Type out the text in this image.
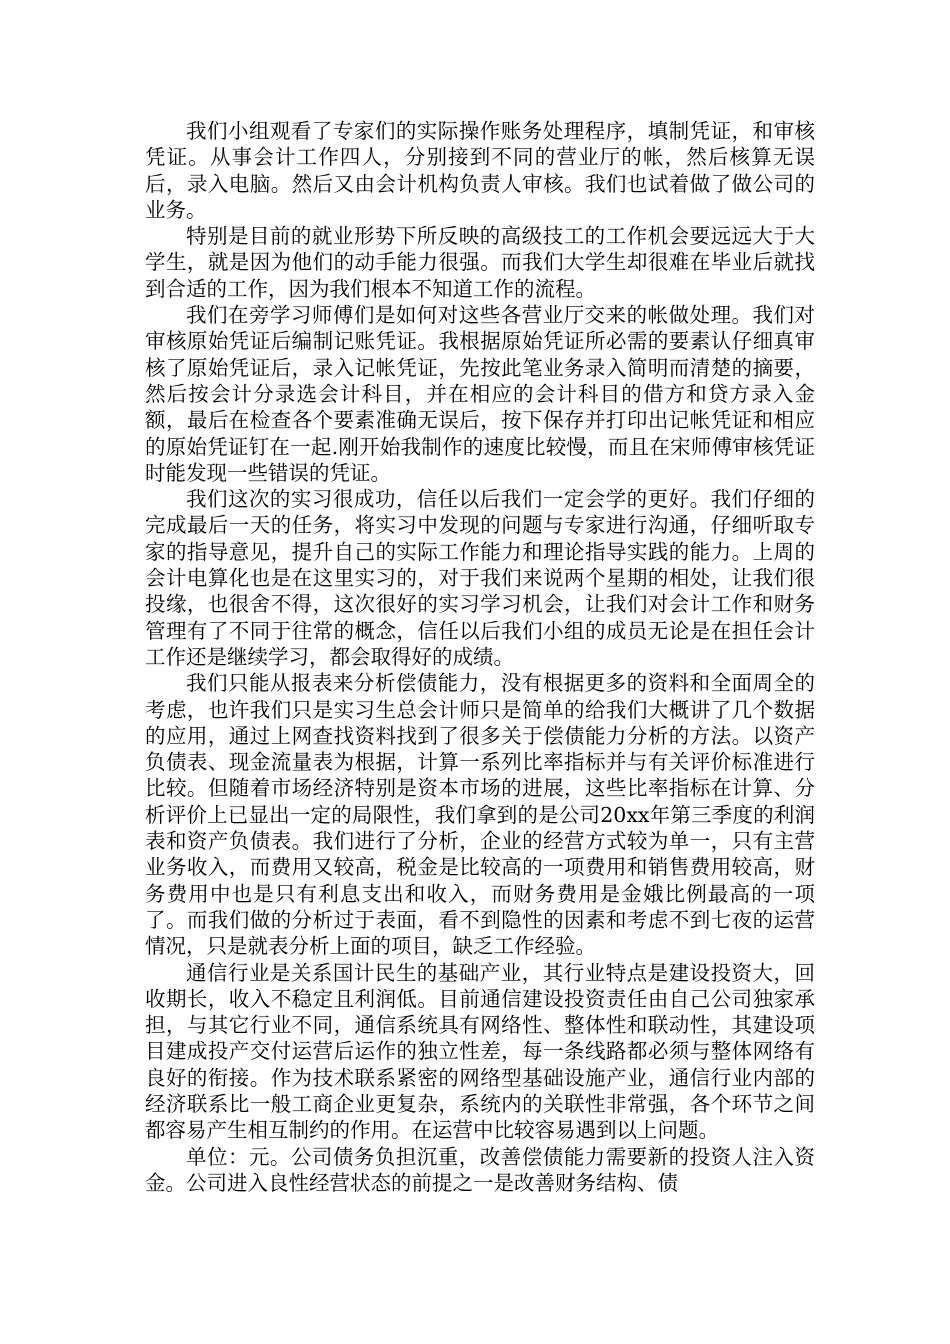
我们小组观看了专家们的实际操作账务处理程序，填制凭证，和审核凭证。从事会计工作四人，分别接到不同的营业厅的帐，然后核算无误后，录入电脑。然后又由会计机构负责人审核。我们也试着做了做公司的业务。

特别是目前的就业形势下所反映的高级技工的工作机会要远远大于大学生，就是因为他们的动手能力很强。而我们大学生却很难在毕业后就找到合适的工作，因为我们根本不知道工作的流程。

我们在旁学习师傅们是如何对这些各营业厅交来的帐做处理。我们对审核原始凭证后编制记账凭证。我根据原始凭证所必需的要素认仔细真审核了原始凭证后，录入记帐凭证，先按此笔业务录入简明而清楚的摘要，然后按会计分录选会计科目，并在相应的会计科目的借方和贷方录入金额，最后在检查各个要素准确无误后，按下保存并打印出记帐凭证和相应的原始凭证钉在一起.刚开始我制作的速度比较慢，而且在宋师傅审核凭证时能发现一些错误的凭证。

我们这次的实习很成功，信任以后我们一定会学的更好。我们仔细的完成最后一天的任务，将实习中发现的问题与专家进行沟通，仔细听取专家的指导意见，提升自己的实际工作能力和理论指导实践的能力。上周的会计电算化也是在这里实习的，对于我们来说两个星期的相处，让我们很投缘，也很舍不得，这次很好的实习学习机会，让我们对会计工作和财务管理有了不同于往常的概念，信任以后我们小组的成员无论是在担任会计工作还是继续学习，都会取得好的成绩。

我们只能从报表来分析偿债能力，没有根据更多的资料和全面周全的考虑，也许我们只是实习生总会计师只是简单的给我们大概讲了几个数据的应用，通过上网查找资料找到了很多关于偿债能力分析的方法。以资产负债表、现金流量表为根据，计算一系列比率指标并与有关评价标准进行比较。但随着市场经济特别是资本市场的进展，这些比率指标在计算、分析评价上已显出一定的局限性，我们拿到的是公司20xx年第三季度的利润表和资产负债表。我们进行了分析，企业的经营方式较为单一，只有主营业务收入，而费用又较高，税金是比较高的一项费用和销售费用较高，财务费用中也是只有利息支出和收入，而财务费用是金娥比例最高的一项了。而我们做的分析过于表面，看不到隐性的因素和考虑不到七夜的运营情况，只是就表分析上面的项目，缺乏工作经验。

通信行业是关系国计民生的基础产业，其行业特点是建设投资大，回收期长，收入不稳定且利润低。目前通信建设投资责任由自己公司独家承担，与其它行业不同，通信系统具有网络性、整体性和联动性，其建设项目建成投产交付运营后运作的独立性差，每一条线路都必须与整体网络有良好的衔接。作为技术联系紧密的网络型基础设施产业，通信行业内部的经济联系比一般工商企业更复杂，系统内的关联性非常强，各个环节之间都容易产生相互制约的作用。在运营中比较容易遇到以上问题。

单位：元。公司债务负担沉重，改善偿债能力需要新的投资人注入资金。公司进入良性经营状态的前提之一是改善财务结构、债
